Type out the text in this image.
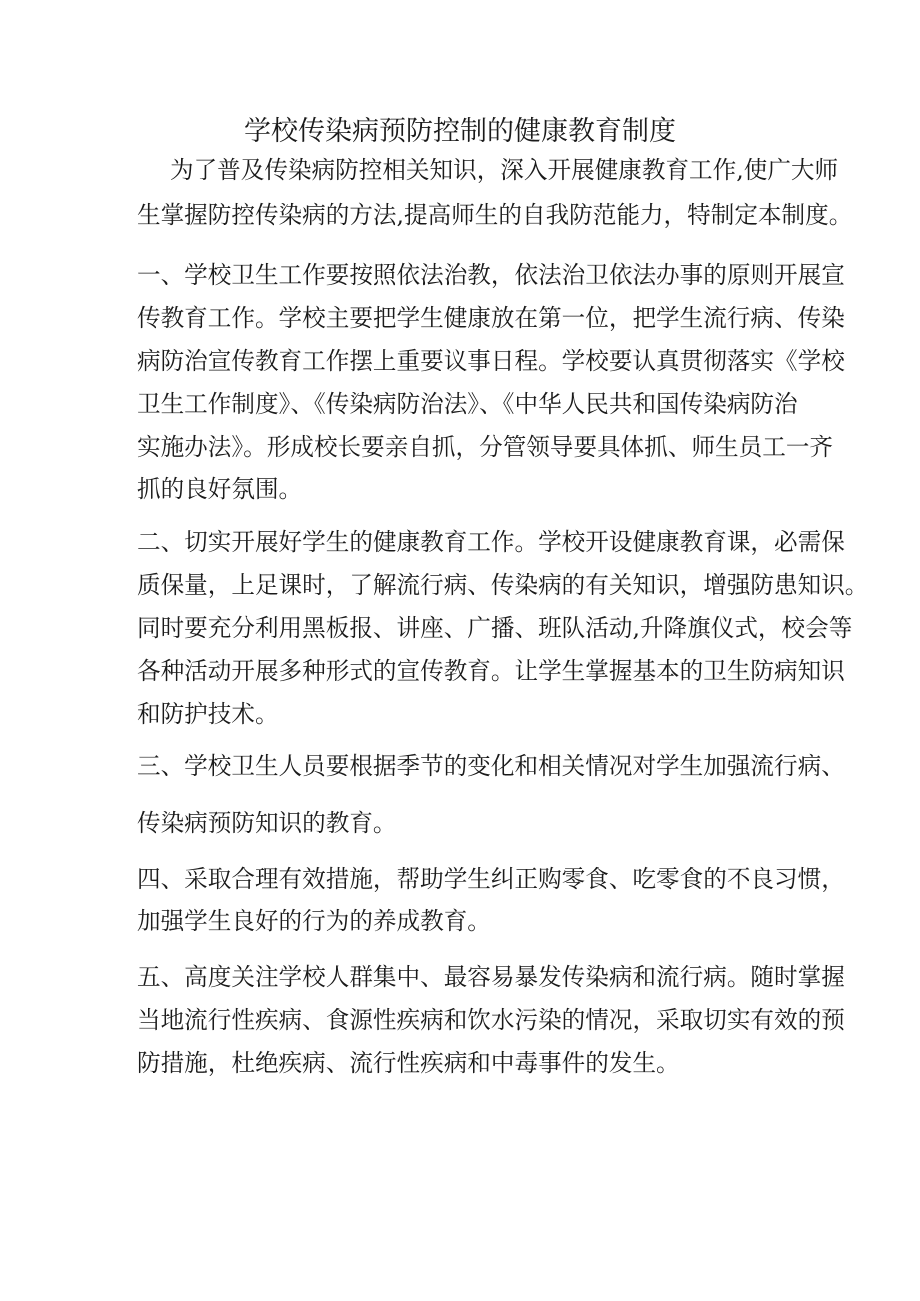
学校传染病预防控制的健康教育制度
为了普及传染病防控相关知识，深入开展健康教育工作,使广大师
生掌握防控传染病的方法,提高师生的自我防范能力，特制定本制度。
一、学校卫生工作要按照依法治教，依法治卫依法办事的原则开展宣
传教育工作。学校主要把学生健康放在第一位，把学生流行病、传染
病防治宣传教育工作摆上重要议事日程。学校要认真贯彻落实《学校
卫生工作制度》、《传染病防治法》、《中华人民共和国传染病防治
实施办法》。形成校长要亲自抓，分管领导要具体抓、师生员工一齐
抓的良好氛围。
二、切实开展好学生的健康教育工作。学校开设健康教育课，必需保
质保量，上足课时，了解流行病、传染病的有关知识，增强防患知识。
同时要充分利用黑板报、讲座、广播、班队活动,升降旗仪式，校会等
各种活动开展多种形式的宣传教育。让学生掌握基本的卫生防病知识
和防护技术。
三、学校卫生人员要根据季节的变化和相关情况对学生加强流行病、
传染病预防知识的教育。
四、采取合理有效措施，帮助学生纠正购零食、吃零食的不良习惯，
加强学生良好的行为的养成教育。
五、高度关注学校人群集中、最容易暴发传染病和流行病。随时掌握
当地流行性疾病、食源性疾病和饮水污染的情况，采取切实有效的预
防措施，杜绝疾病、流行性疾病和中毒事件的发生。
